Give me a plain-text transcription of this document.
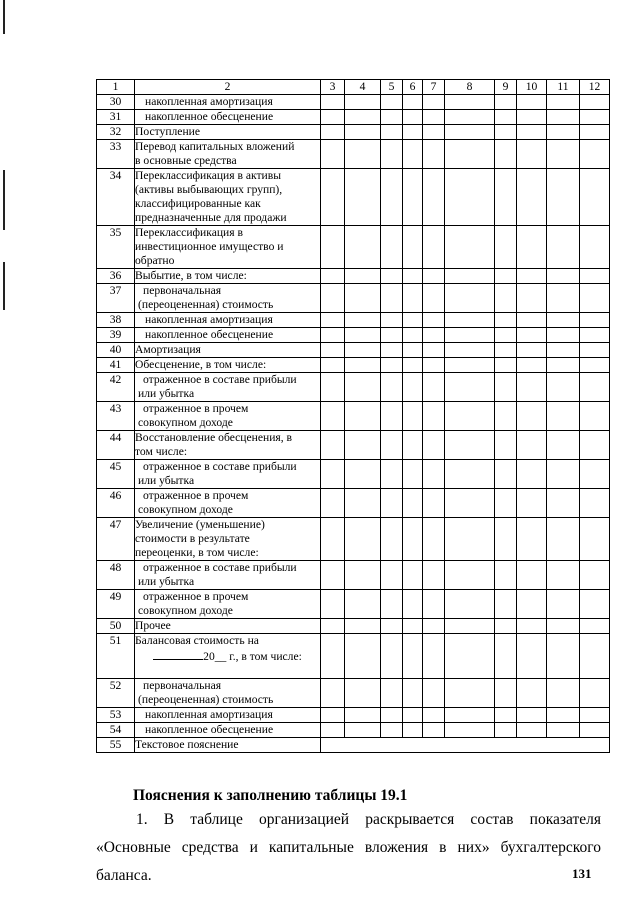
1	2	3	4	5	6	7	8	9	10	11	12
30	накопленная амортизация										

31	накопленное обесценение										

32	Поступление										

33	Перевод капитальных вложений
в основные средства										

34	Переклассификация в активы
(активы выбывающих групп),
классифицированные как
предназначенные для продажи										

35	Переклассификация в
инвестиционное имущество и
обратно										

36	Выбытие, в том числе:										

37	первоначальная
(переоцененная) стоимость										

38	накопленная амортизация										

39	накопленное обесценение										

40	Амортизация										

41	Обесценение, в том числе:										

42	отраженное в составе прибыли
или убытка										

43	отраженное в прочем
совокупном доходе										

44	Восстановление обесценения, в
том числе:										

45	отраженное в составе прибыли
или убытка										

46	отраженное в прочем
совокупном доходе										

47	Увеличение (уменьшение)
стоимости в результате
переоценки, в том числе:										

48	отраженное в составе прибыли
или убытка										

49	отраженное в прочем
совокупном доходе										

50	Прочее										

51	Балансовая стоимость на
20__ г., в том числе:										

52	первоначальная
(переоцененная) стоимость										

53	накопленная амортизация										

54	накопленное обесценение										

55	Текстовое пояснение										

Пояснения к заполнению таблицы 19.1
1. В таблице организацией раскрывается состав показателя «Основные средства и капитальные вложения в них» бухгалтерского баланса.	131
